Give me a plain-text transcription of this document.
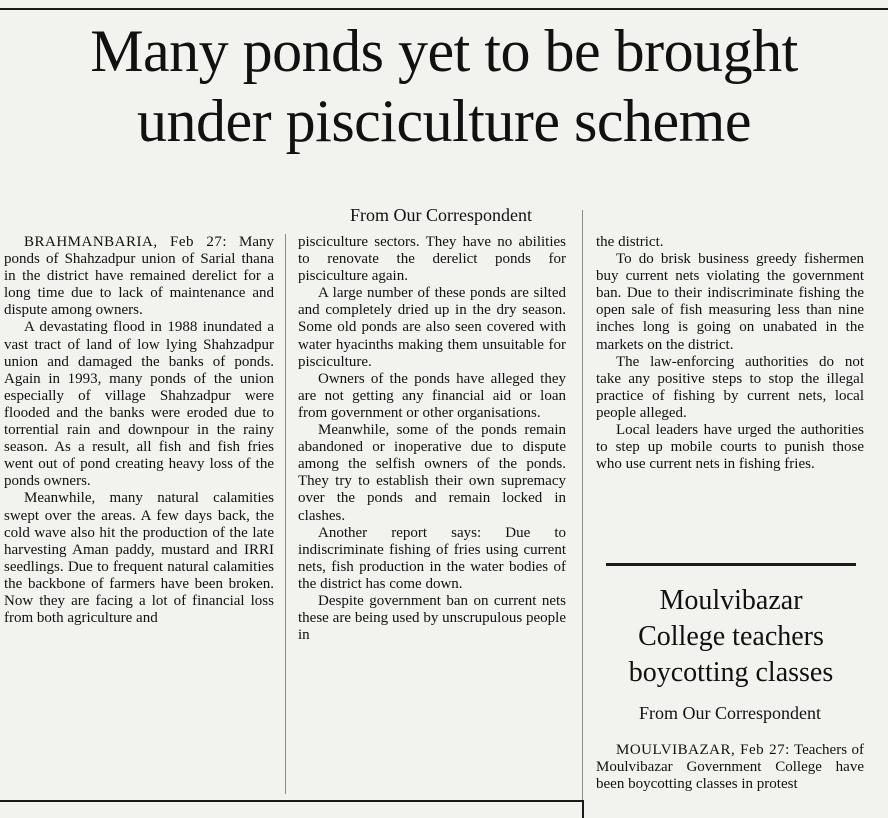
Many ponds yet to be brought
under pisciculture scheme
From Our Correspondent

BRAHMANBARIA, Feb 27: Many ponds of Shahzadpur union of Sarial thana in the district have remained derelict for a long time due to lack of maintenance and dispute among owners.

A devastating flood in 1988 inundated a vast tract of land of low lying Shahzadpur union and damaged the banks of ponds. Again in 1993, many ponds of the union especially of village Shahzadpur were flooded and the banks were eroded due to torrential rain and downpour in the rainy season. As a result, all fish and fish fries went out of pond creating heavy loss of the ponds owners.

Meanwhile, many natural calamities swept over the areas. A few days back, the cold wave also hit the production of the late harvesting Aman paddy, mustard and IRRI seedlings. Due to frequent natural calamities the backbone of farmers have been broken. Now they are facing a lot of financial loss from both agriculture and

pisciculture sectors. They have no abilities to renovate the derelict ponds for pisciculture again.

A large number of these ponds are silted and completely dried up in the dry season. Some old ponds are also seen covered with water hyacinths making them unsuitable for pisciculture.

Owners of the ponds have alleged they are not getting any financial aid or loan from government or other organisations.

Meanwhile, some of the ponds remain abandoned or inoperative due to dispute among the selfish owners of the ponds. They try to establish their own supremacy over the ponds and remain locked in clashes.

Another report says: Due to indiscriminate fishing of fries using current nets, fish production in the water bodies of the district has come down.

Despite government ban on current nets these are being used by unscrupulous people in

the district.

To do brisk business greedy fishermen buy current nets violating the government ban. Due to their indiscriminate fishing the open sale of fish measuring less than nine inches long is going on unabated in the markets on the district.

The law-enforcing authorities do not take any positive steps to stop the illegal practice of fishing by current nets, local people alleged.

Local leaders have urged the authorities to step up mobile courts to punish those who use current nets in fishing fries.

Moulvibazar
College teachers
boycotting classes
From Our Correspondent

MOULVIBAZAR, Feb 27: Teachers of Moulvibazar Government College have been boycotting classes in protest
